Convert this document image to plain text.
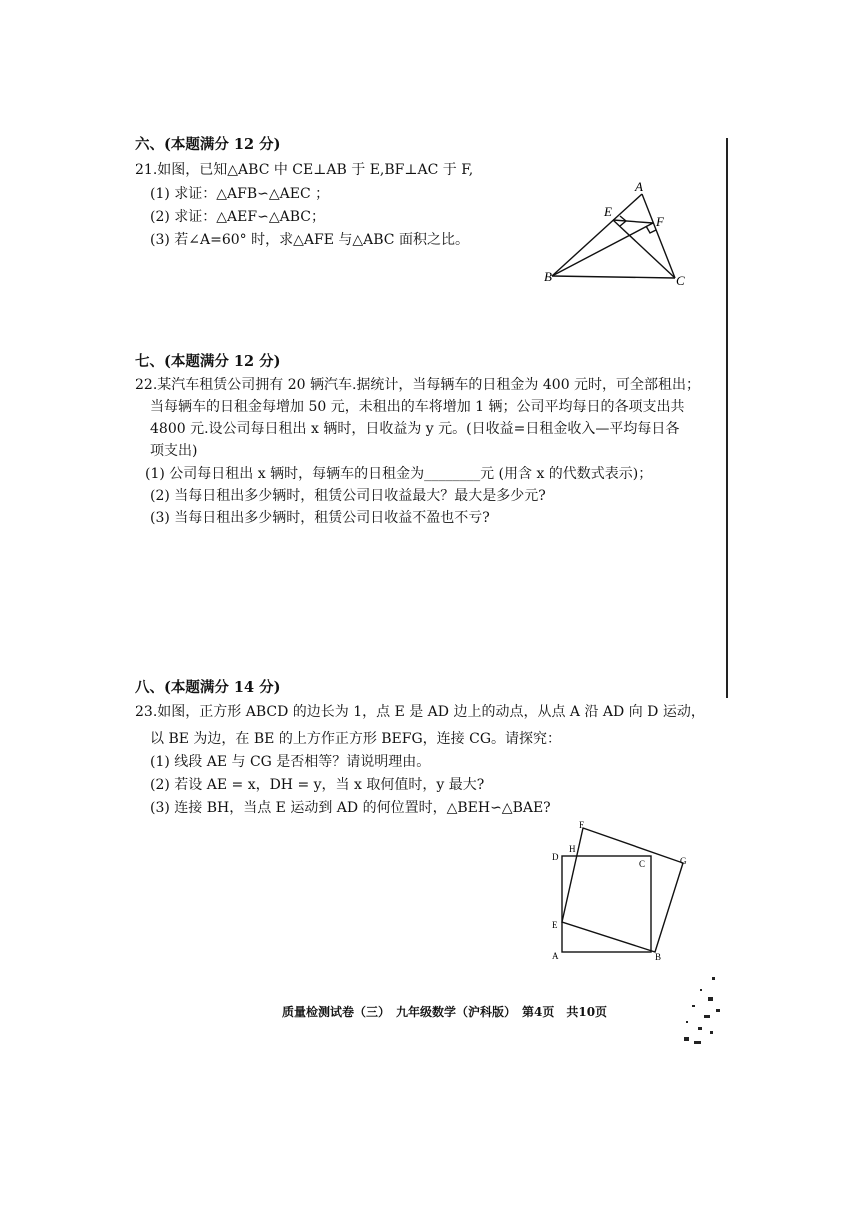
六、(本题满分 12 分)
21.如图，已知△ABC 中 CE⊥AB 于 E,BF⊥AC 于 F,
(1) 求证：△AFB∽△AEC ；
(2) 求证：△AEF∽△ABC；
(3) 若∠A=60° 时，求△AFE 与△ABC 面积之比。
A
E
F
B	C
七、(本题满分 12 分)
22.某汽车租赁公司拥有 20 辆汽车.据统计，当每辆车的日租金为 400 元时，可全部租出；
当每辆车的日租金每增加 50 元，未租出的车将增加 1 辆；公司平均每日的各项支出共
4800 元.设公司每日租出 x 辆时，日收益为 y 元。(日收益=日租金收入—平均每日各
项支出)
(1) 公司每日租出 x 辆时，每辆车的日租金为________元 (用含 x 的代数式表示)；
(2) 当每日租出多少辆时，租赁公司日收益最大？最大是多少元?
(3) 当每日租出多少辆时，租赁公司日收益不盈也不亏?
八、(本题满分 14 分)
23.如图，正方形 ABCD 的边长为 1，点 E 是 AD 边上的动点，从点 A 沿 AD 向 D 运动，
以 BE 为边，在 BE 的上方作正方形 BEFG，连接 CG。请探究：
(1) 线段 AE 与 CG 是否相等？请说明理由。
(2) 若设 AE = x，DH = y，当 x 取何值时，y 最大?
(3) 连接 BH，当点 E 运动到 AD 的何位置时，△BEH∽△BAE?
F
D
H
C	G
E
A	B
质量检测试卷（三）　九年级数学（沪科版）　第4页　共10页
